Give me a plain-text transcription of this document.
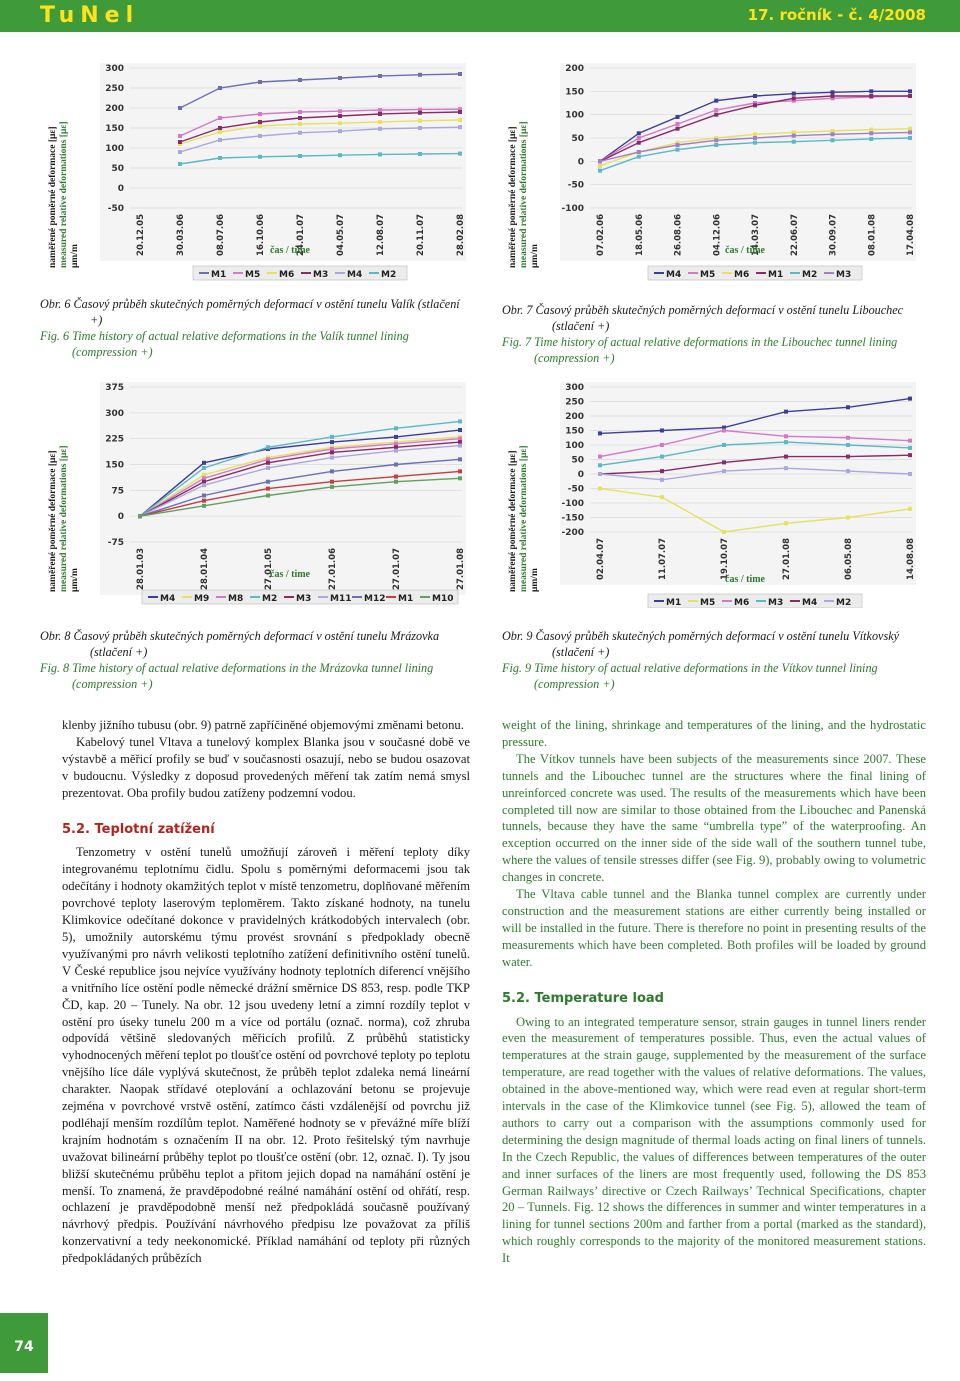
TuNel	17. ročník - č. 4/2008
naměřené poměrné deformace [με] measured relative deformations [με] μm/m
300
250
200
150
100
50
0
-50
20.12.05	30.03.06	08.07.06	16.10.06	24.01.07	04.05.07	12.08.07	20.11.07	28.02.08
čas / time
M1 M5 M6 M3 M4 M2
naměřené poměrné deformace [με] measured relative deformations [με] μm/m
200
150
100
50
0
-50
-100
07.02.06	18.05.06	26.08.06	04.12.06	14.03.07	22.06.07	30.09.07	08.01.08	17.04.08
čas / time
M4 M5 M6 M1 M2 M3
Obr. 6 Časový průběh skutečných poměrných deformací v ostění tunelu Valík (stlačení +)
Fig. 6 Time history of actual relative deformations in the Valík tunnel lining (compression +)
Obr. 7 Časový průběh skutečných poměrných deformací v ostění tunelu Libouchec (stlačení +)
Fig. 7 Time history of actual relative deformations in the Libouchec tunnel lining (compression +)
naměřené poměrné deformace [με] measured relative deformations [με] μm/m
375
300
225
150
75
0
-75
28.01.03	28.01.04	27.01.05	27.01.06	27.01.07	27.01.08
čas / time
M4 M9 M8 M2 M3 M11 M12 M1 M10
naměřené poměrné deformace [με] measured relative deformations [με] μm/m
300
250
200
150
100
50
0
-50
-100
-150
-200
02.04.07	11.07.07	19.10.07	27.01.08	06.05.08	14.08.08
čas / time
M1 M5 M6 M3 M4 M2
Obr. 8 Časový průběh skutečných poměrných deformací v ostění tunelu Mrázovka (stlačení +)
Fig. 8 Time history of actual relative deformations in the Mrázovka tunnel lining (compression +)
Obr. 9 Časový průběh skutečných poměrných deformací v ostění tunelu Vítkovský (stlačení +)
Fig. 9 Time history of actual relative deformations in the Vítkov tunnel lining (compression +)

klenby jižního tubusu (obr. 9) patrně zapříčiněné objemovými změnami betonu.

Kabelový tunel Vltava a tunelový komplex Blanka jsou v současné době ve výstavbě a měřicí profily se buď v současnosti osazují, nebo se budou osazovat v budoucnu. Výsledky z doposud provedených měření tak zatím nemá smysl prezentovat. Oba profily budou zatíženy podzemní vodou.

5.2. Teplotní zatížení

Tenzometry v ostění tunelů umožňují zároveň i měření teploty díky integrovanému teplotnímu čidlu. Spolu s poměrnými deformacemi jsou tak odečítány i hodnoty okamžitých teplot v místě tenzometru, doplňované měřením povrchové teploty laserovým teploměrem. Takto získané hodnoty, na tunelu Klimkovice odečítané dokonce v pravidelných krátkodobých intervalech (obr. 5), umožnily autorskému týmu provést srovnání s předpoklady obecně využívanými pro návrh velikosti teplotního zatížení definitivního ostění tunelů. V České republice jsou nejvíce využívány hodnoty teplotních diferencí vnějšího a vnitřního líce ostění podle německé drážní směrnice DS 853, resp. podle TKP ČD, kap. 20 – Tunely. Na obr. 12 jsou uvedeny letní a zimní rozdíly teplot v ostění pro úseky tunelu 200 m a více od portálu (označ. norma), což zhruba odpovídá většině sledovaných měřicích profilů. Z průběhů statisticky vyhodnocených měření teplot po tloušťce ostění od povrchové teploty po teplotu vnějšího líce dále vyplývá skutečnost, že průběh teplot zdaleka nemá lineární charakter. Naopak střídavé oteplování a ochlazování betonu se projevuje zejména v povrchové vrstvě ostění, zatímco části vzdálenější od povrchu již podléhají menším rozdílům teplot. Naměřené hodnoty se v převážné míře blíží krajním hodnotám s označením II na obr. 12. Proto řešitelský tým navrhuje uvažovat bilineární průběhy teplot po tloušťce ostění (obr. 12, označ. I). Ty jsou bližší skutečnému průběhu teplot a přitom jejich dopad na namáhání ostění je menší. To znamená, že pravděpodobné reálné namáhání ostění od ohřátí, resp. ochlazení je pravděpodobně menší než předpokládá současně používaný návrhový předpis. Používání návrhového předpisu lze považovat za příliš konzervativní a tedy neekonomické. Příklad namáhání od teploty při různých předpokládaných průbězích

weight of the lining, shrinkage and temperatures of the lining, and the hydrostatic pressure.

The Vítkov tunnels have been subjects of the measurements since 2007. These tunnels and the Libouchec tunnel are the structures where the final lining of unreinforced concrete was used. The results of the measurements which have been completed till now are similar to those obtained from the Libouchec and Panenská tunnels, because they have the same “umbrella type” of the waterproofing. An exception occurred on the inner side of the side wall of the southern tunnel tube, where the values of tensile stresses differ (see Fig. 9), probably owing to volumetric changes in concrete.

The Vltava cable tunnel and the Blanka tunnel complex are currently under construction and the measurement stations are either currently being installed or will be installed in the future. There is therefore no point in presenting results of the measurements which have been completed. Both profiles will be loaded by ground water.

5.2. Temperature load

Owing to an integrated temperature sensor, strain gauges in tunnel liners render even the measurement of temperatures possible. Thus, even the actual values of temperatures at the strain gauge, supplemented by the measurement of the surface temperature, are read together with the values of relative deformations. The values, obtained in the above-mentioned way, which were read even at regular short-term intervals in the case of the Klimkovice tunnel (see Fig. 5), allowed the team of authors to carry out a comparison with the assumptions commonly used for determining the design magnitude of thermal loads acting on final liners of tunnels. In the Czech Republic, the values of differences between temperatures of the outer and inner surfaces of the liners are most frequently used, following the DS 853 German Railways’ directive or Czech Railways’ Technical Specifications, chapter 20 – Tunnels. Fig. 12 shows the differences in summer and winter temperatures in a lining for tunnel sections 200m and farther from a portal (marked as the standard), which roughly corresponds to the majority of the monitored measurement stations. It

74
